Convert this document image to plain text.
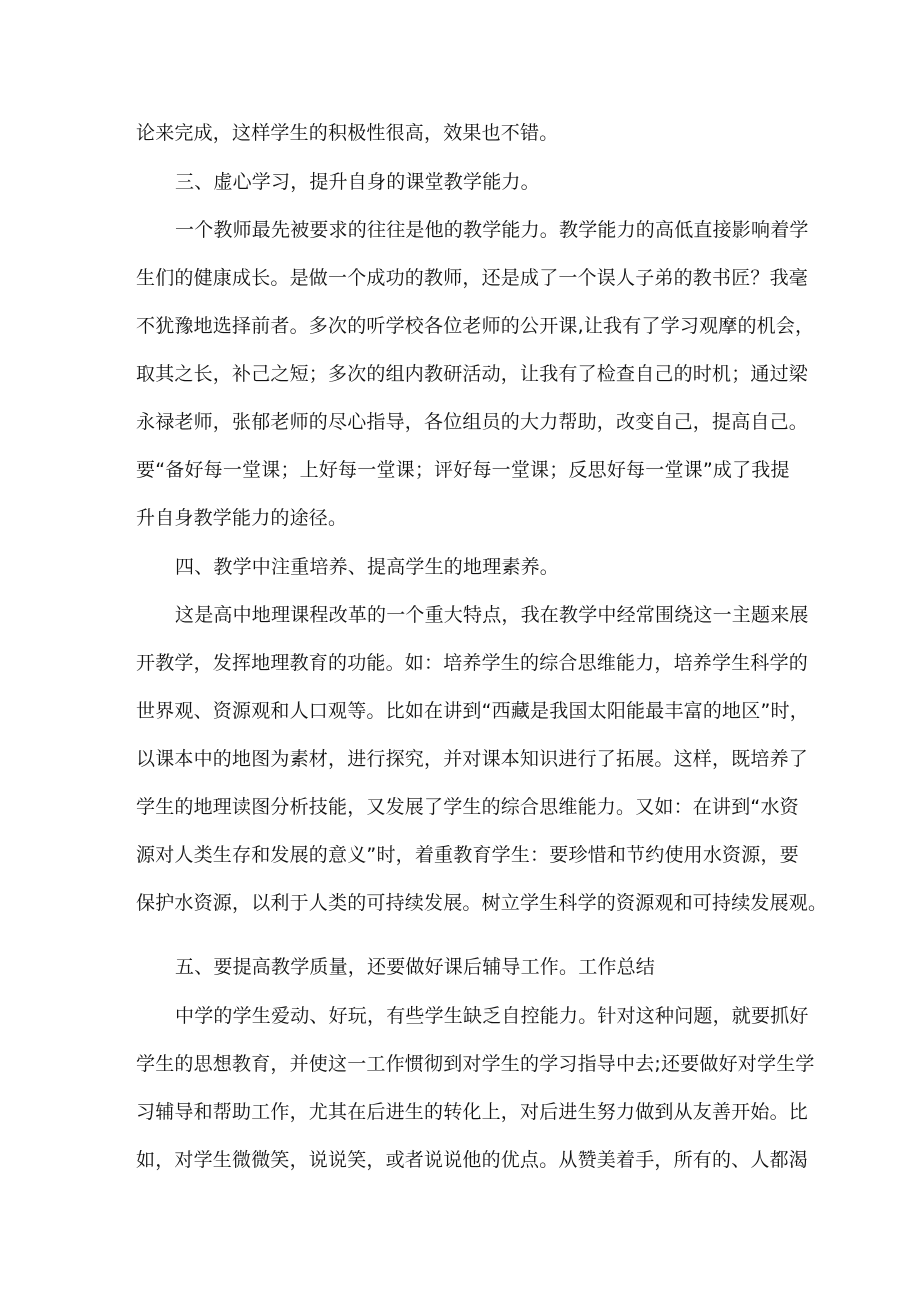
论来完成，这样学生的积极性很高，效果也不错。
三、虚心学习，提升自身的课堂教学能力。
一个教师最先被要求的往往是他的教学能力。教学能力的高低直接影响着学
生们的健康成长。是做一个成功的教师，还是成了一个误人子弟的教书匠？我毫
不犹豫地选择前者。多次的听学校各位老师的公开课,让我有了学习观摩的机会，
取其之长，补己之短；多次的组内教研活动，让我有了检查自己的时机；通过梁
永禄老师，张郁老师的尽心指导，各位组员的大力帮助，改变自己，提高自己。
要“备好每一堂课；上好每一堂课；评好每一堂课；反思好每一堂课”成了我提
升自身教学能力的途径。
四、教学中注重培养、提高学生的地理素养。
这是高中地理课程改革的一个重大特点，我在教学中经常围绕这一主题来展
开教学，发挥地理教育的功能。如：培养学生的综合思维能力，培养学生科学的
世界观、资源观和人口观等。比如在讲到“西藏是我国太阳能最丰富的地区”时，
以课本中的地图为素材，进行探究，并对课本知识进行了拓展。这样，既培养了
学生的地理读图分析技能，又发展了学生的综合思维能力。又如：在讲到“水资
源对人类生存和发展的意义”时，着重教育学生：要珍惜和节约使用水资源，要
保护水资源，以利于人类的可持续发展。树立学生科学的资源观和可持续发展观。
五、要提高教学质量，还要做好课后辅导工作。工作总结
中学的学生爱动、好玩，有些学生缺乏自控能力。针对这种问题，就要抓好
学生的思想教育，并使这一工作惯彻到对学生的学习指导中去;还要做好对学生学
习辅导和帮助工作，尤其在后进生的转化上，对后进生努力做到从友善开始。比
如，对学生微微笑，说说笑，或者说说他的优点。从赞美着手，所有的、人都渴
